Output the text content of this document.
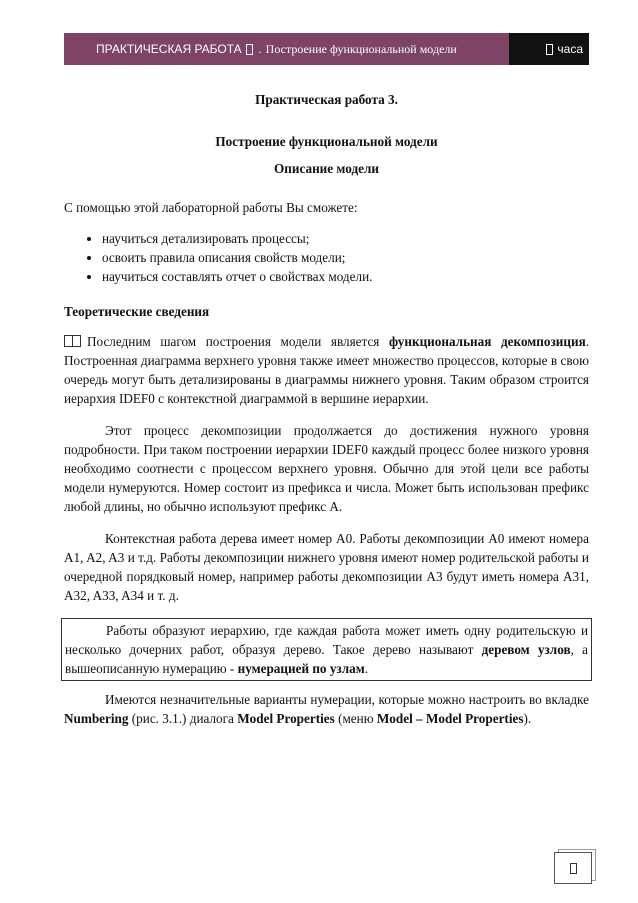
ПРАКТИЧЕСКАЯ РАБОТА . Построение функциональной модели	часа
Практическая работа 3.
Построение функциональной модели
Описание модели

С помощью этой лабораторной работы Вы сможете:

• научиться детализировать процессы;
• освоить правила описания свойств модели;
• научиться составлять отчет о свойствах модели.
Теоретические сведения

Последним шагом построения модели является функциональная декомпозиция. Построенная диаграмма верхнего уровня также имеет множество процессов, которые в свою очередь могут быть детализированы в диаграммы нижнего уровня. Таким образом строится иерархия IDEF0 с контекстной диаграммой в вершине иерархии.

Этот процесс декомпозиции продолжается до достижения нужного уровня подробности. При таком построении иерархии IDEF0 каждый процесс более низкого уровня необходимо соотнести с процессом верхнего уровня. Обычно для этой цели все работы модели нумеруются. Номер состоит из префикса и числа. Может быть использован префикс любой длины, но обычно используют префикс A.

Контекстная работа дерева имеет номер A0. Работы декомпозиции A0 имеют номера A1, A2, A3 и т.д. Работы декомпозиции нижнего уровня имеют номер родительской работы и очередной порядковый номер, например работы декомпозиции A3 будут иметь номера A31, A32, A33, A34 и т. д.

Работы образуют иерархию, где каждая работа может иметь одну родительскую и несколько дочерних работ, образуя дерево. Такое дерево называют деревом узлов, а вышеописанную нумерацию - нумерацией по узлам.

Имеются незначительные варианты нумерации, которые можно настроить во вкладке Numbering (рис. 3.1.) диалога Model Properties (меню Model – Model Properties).
